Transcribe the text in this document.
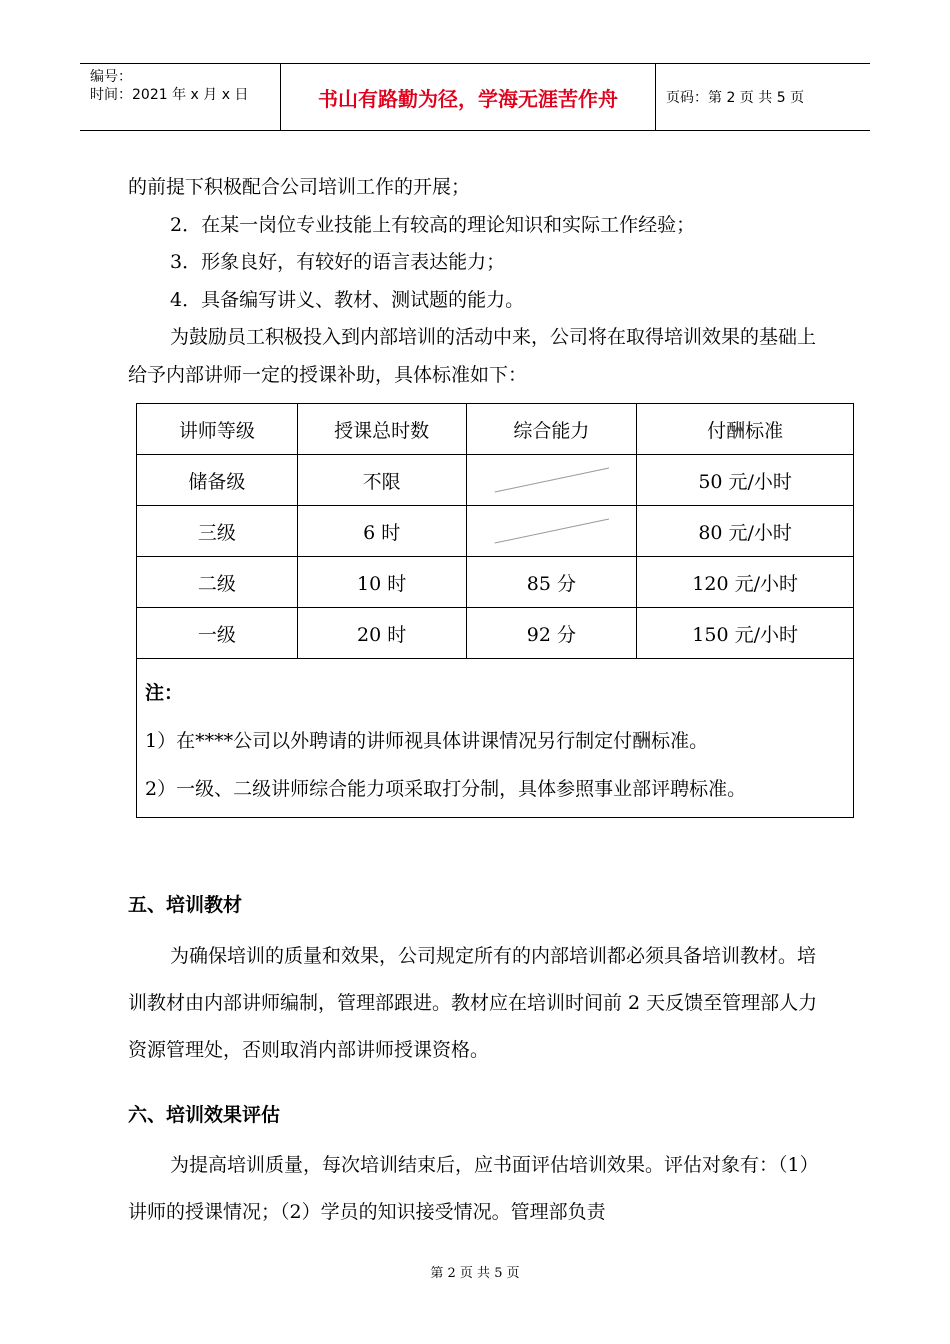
编号：
时间：2021 年 x 月 x 日	书山有路勤为径，学海无涯苦作舟	页码：第 2 页 共 5 页

的前提下积极配合公司培训工作的开展；

2．在某一岗位专业技能上有较高的理论知识和实际工作经验；

3．形象良好，有较好的语言表达能力；

4．具备编写讲义、教材、测试题的能力。

为鼓励员工积极投入到内部培训的活动中来，公司将在取得培训效果的基础上给予内部讲师一定的授课补助，具体标准如下：

讲师等级	授课总时数	综合能力	付酬标准
储备级	不限		50 元/小时
三级	6 时		80 元/小时
二级	10 时	85 分	120 元/小时
一级	20 时	92 分	150 元/小时

注：
1）在****公司以外聘请的讲师视具体讲课情况另行制定付酬标准。
2）一级、二级讲师综合能力项采取打分制，具体参照事业部评聘标准。			

五、培训教材

为确保培训的质量和效果，公司规定所有的内部培训都必须具备培训教材。培训教材由内部讲师编制，管理部跟进。教材应在培训时间前 2 天反馈至管理部人力资源管理处，否则取消内部讲师授课资格。

六、培训效果评估

为提高培训质量，每次培训结束后，应书面评估培训效果。评估对象有：（1）讲师的授课情况；（2）学员的知识接受情况。管理部负责

第 2 页 共 5 页
